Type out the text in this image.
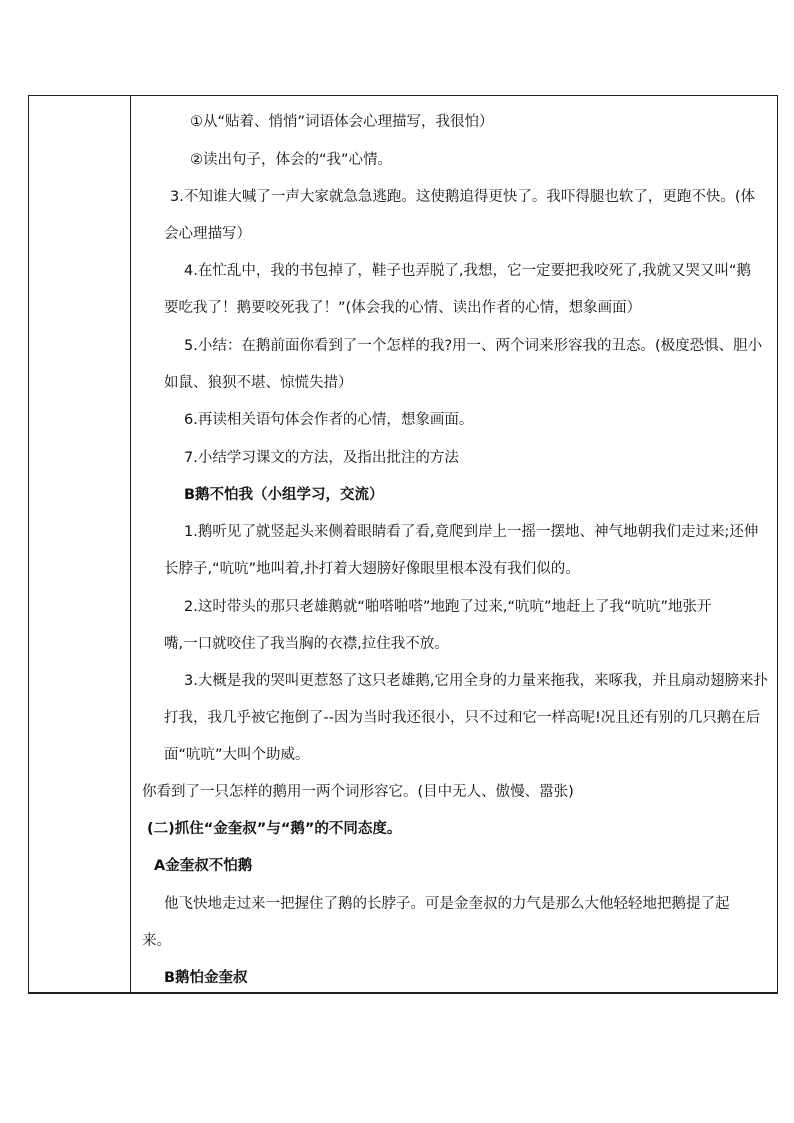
①从“贴着、悄悄”词语体会心理描写，我很怕）
②读出句子，体会的“我”心情。
3.不知谁大喊了一声大家就急急逃跑。这使鹅追得更快了。我吓得腿也软了，更跑不快。(体
会心理描写）
4.在忙乱中，我的书包掉了，鞋子也弄脱了,我想，它一定要把我咬死了,我就又哭又叫“鹅
要吃我了！鹅要咬死我了！”(体会我的心情、读出作者的心情，想象画面）
5.小结：在鹅前面你看到了一个怎样的我?用一、两个词来形容我的丑态。(极度恐惧、胆小
如鼠、狼狈不堪、惊慌失措）
6.再读相关语句体会作者的心情，想象画面。
7.小结学习课文的方法，及指出批注的方法
B鹅不怕我（小组学习，交流）
1.鹅听见了就竖起头来侧着眼睛看了看,竟爬到岸上一摇一摆地、神气地朝我们走过来;还伸
长脖子,“吭吭”地叫着,扑打着大翅膀好像眼里根本没有我们似的。
2.这时带头的那只老雄鹅就“啪嗒啪嗒”地跑了过来,“吭吭”地赶上了我“吭吭”地张开
嘴,一口就咬住了我当胸的衣襟,拉住我不放。
3.大概是我的哭叫更惹怒了这只老雄鹅,它用全身的力量来拖我，来啄我，并且扇动翅膀来扑
打我，我几乎被它拖倒了--因为当时我还很小，只不过和它一样高呢!况且还有别的几只鹅在后
面“吭吭”大叫个助威。
你看到了一只怎样的鹅用一两个词形容它。(目中无人、傲慢、嚣张)
(二)抓住“金奎叔”与“鹅”的不同态度。
A金奎叔不怕鹅
他飞快地走过来一把握住了鹅的长脖子。可是金奎叔的力气是那么大他轻轻地把鹅提了起
来。
B鹅怕金奎叔
